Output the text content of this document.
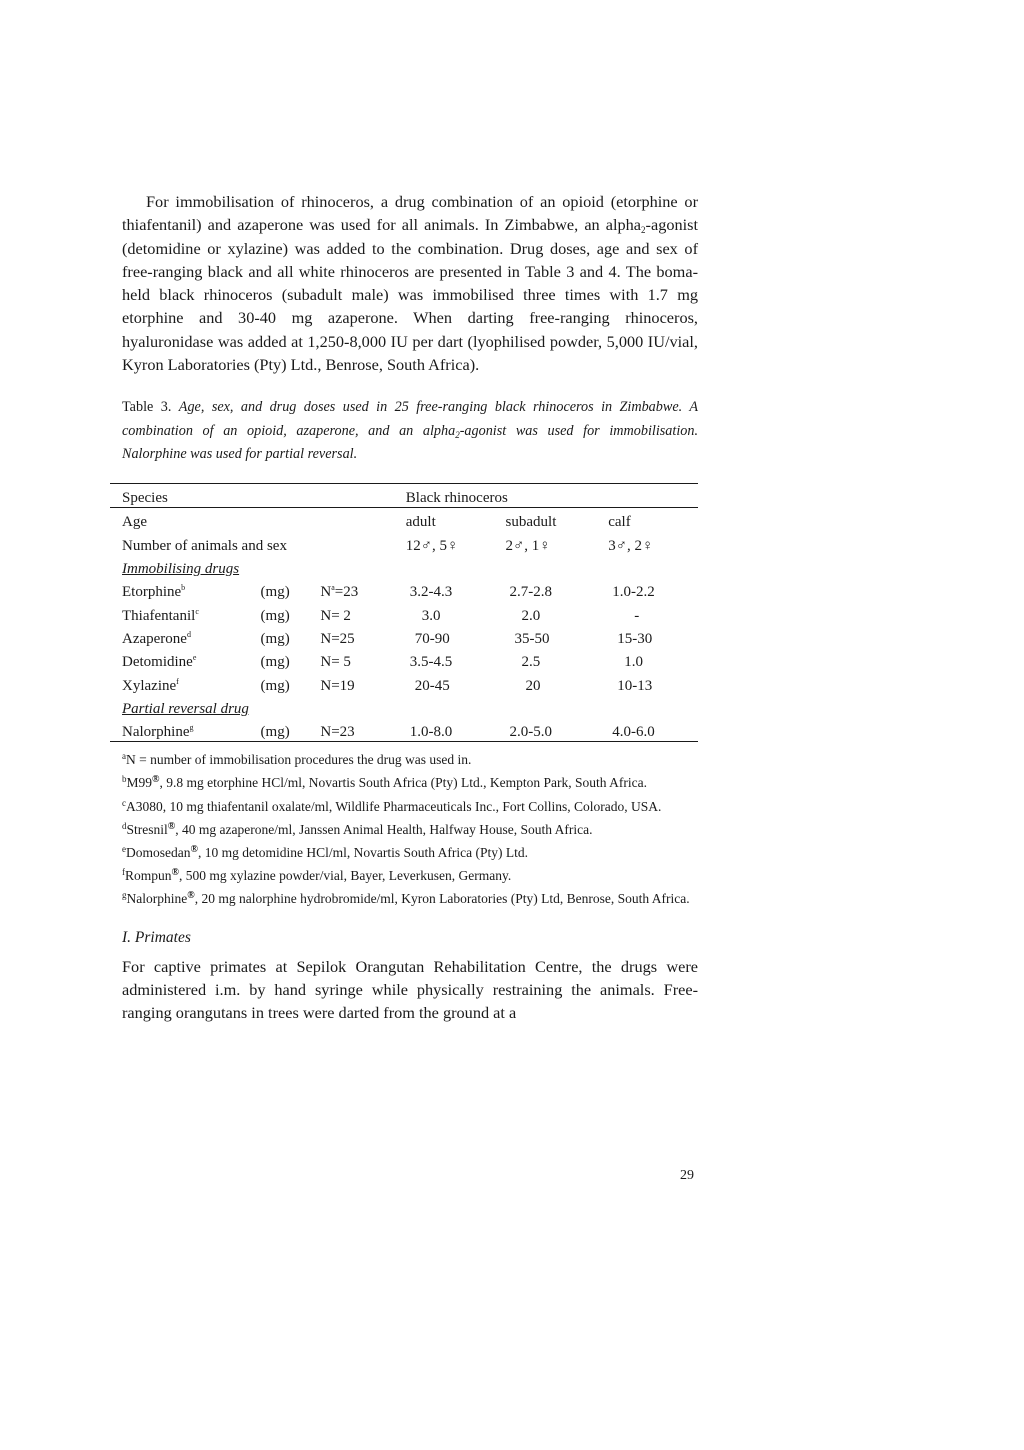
For immobilisation of rhinoceros, a drug combination of an opioid (etorphine or thiafentanil) and azaperone was used for all animals. In Zimbabwe, an alpha$_2$-agonist (detomidine or xylazine) was added to the combination. Drug doses, age and sex of free-ranging black and all white rhinoceros are presented in Table 3 and 4. The boma-held black rhinoceros (subadult male) was immobilised three times with 1.7 mg etorphine and 30-40 mg azaperone. When darting free-ranging rhinoceros, hyaluronidase was added at 1,250-8,000 IU per dart (lyophilised powder, 5,000 IU/vial, Kyron Laboratories (Pty) Ltd., Benrose, South Africa).

Table 3. Age, sex, and drug doses used in 25 free-ranging black rhinoceros in Zimbabwe. A combination of an opioid, azaperone, and an alpha$_2$-agonist was used for immobilisation. Nalorphine was used for partial reversal.

Species			Black rhinoceros		
Age			adult	subadult	calf
Number of animals and sex			12♂, 5♀	2♂, 1♀	3♂, 2♀
Immobilising drugs					
Etorphine$^b$	(mg)	N$^a$=23	3.2-4.3	2.7-2.8	1.0-2.2
Thiafentanil$^c$	(mg)	N= 2	3.0	2.0	-
Azaperone$^d$	(mg)	N=25	70-90	35-50	15-30
Detomidine$^e$	(mg)	N= 5	3.5-4.5	2.5	1.0
Xylazine$^f$	(mg)	N=19	20-45	20	10-13
Partial reversal drug					
Nalorphine$^g$	(mg)	N=23	1.0-8.0	2.0-5.0	4.0-6.0

$^a$N = number of immobilisation procedures the drug was used in.

$^b$M99®, 9.8 mg etorphine HCl/ml, Novartis South Africa (Pty) Ltd., Kempton Park, South Africa.

$^c$A3080, 10 mg thiafentanil oxalate/ml, Wildlife Pharmaceuticals Inc., Fort Collins, Colorado, USA.

$^d$Stresnil®, 40 mg azaperone/ml, Janssen Animal Health, Halfway House, South Africa.

$^e$Domosedan®, 10 mg detomidine HCl/ml, Novartis South Africa (Pty) Ltd.

$^f$Rompun®, 500 mg xylazine powder/vial, Bayer, Leverkusen, Germany.

$^g$Nalorphine®, 20 mg nalorphine hydrobromide/ml, Kyron Laboratories (Pty) Ltd, Benrose, South Africa.

I. Primates

For captive primates at Sepilok Orangutan Rehabilitation Centre, the drugs were administered i.m. by hand syringe while physically restraining the animals. Free-ranging orangutans in trees were darted from the ground at a

29
